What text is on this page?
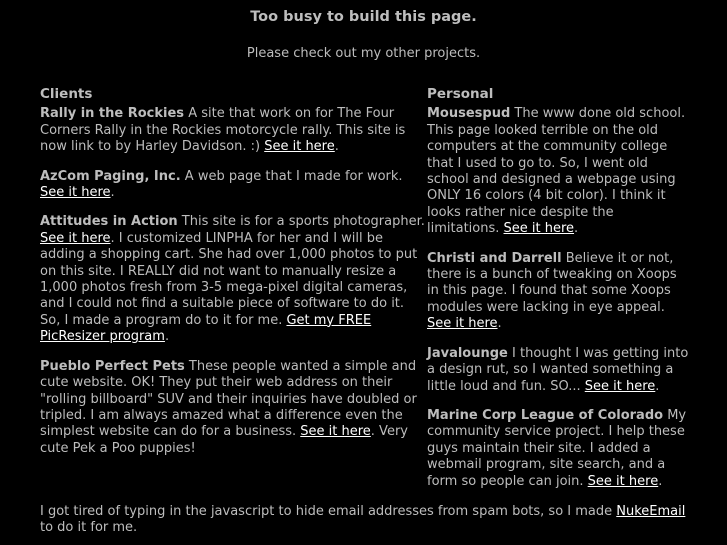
Too busy to build this page.
Please check out my other projects.
Clients
Rally in the Rockies A site that work on for The Four Corners Rally in the Rockies motorcycle rally. This site is now link to by Harley Davidson. :) See it here.
AzCom Paging, Inc. A web page that I made for work. See it here.
Attitudes in Action This site is for a sports photographer. See it here. I customized LINPHA for her and I will be adding a shopping cart. She had over 1,000 photos to put on this site. I REALLY did not want to manually resize a 1,000 photos fresh from 3-5 mega-pixel digital cameras, and I could not find a suitable piece of software to do it. So, I made a program do to it for me. Get my FREE PicResizer program.
Pueblo Perfect Pets These people wanted a simple and cute website. OK! They put their web address on their "rolling billboard" SUV and their inquiries have doubled or tripled. I am always amazed what a difference even the simplest website can do for a business. See it here. Very cute Pek a Poo puppies!
Personal
Mousespud The www done old school. This page looked terrible on the old computers at the community college that I used to go to. So, I went old school and designed a webpage using ONLY 16 colors (4 bit color). I think it looks rather nice despite the limitations. See it here.
Christi and Darrell Believe it or not, there is a bunch of tweaking on Xoops in this page. I found that some Xoops modules were lacking in eye appeal. See it here.
Javalounge I thought I was getting into a design rut, so I wanted something a little loud and fun. SO... See it here.
Marine Corp League of Colorado My community service project. I help these guys maintain their site. I added a webmail program, site search, and a form so people can join. See it here.
I got tired of typing in the javascript to hide email addresses from spam bots, so I made NukeEmail to do it for me.
